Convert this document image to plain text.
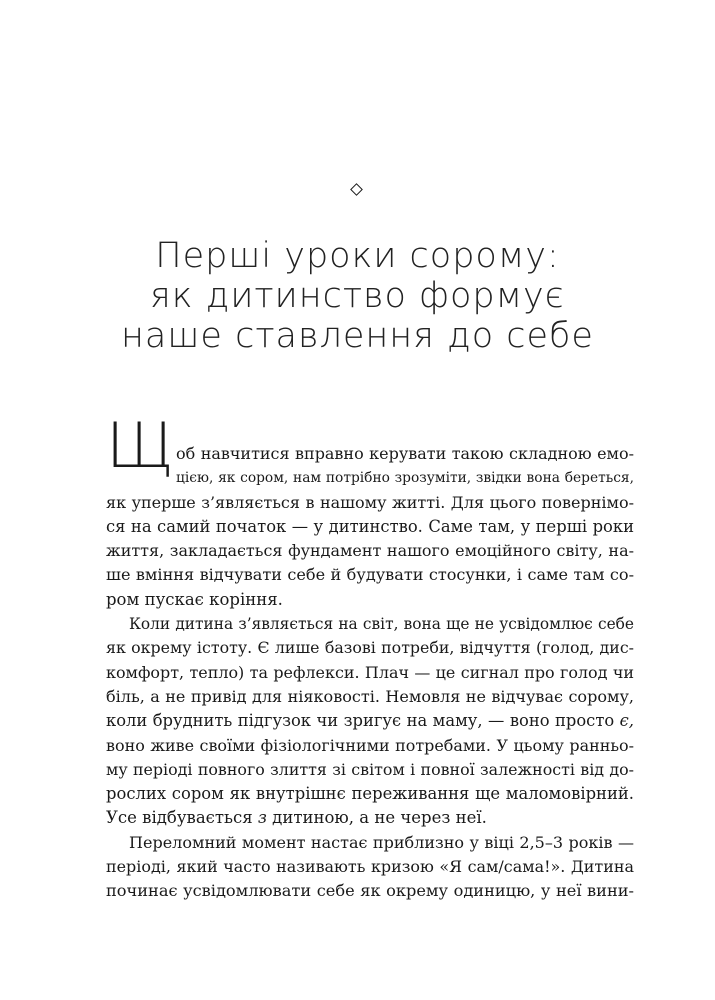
Перші уроки сорому:
як дитинство формує
наше ставлення до себе
Щ об навчитися вправно керувати такою складною емо-
цією, як сором, нам потрібно зрозуміти, звідки вона береться,
як уперше з’являється в нашому житті. Для цього повернімо-
ся на самий початок — у дитинство. Саме там, у перші роки
життя, закладається фундамент нашого емоційного світу, на-
ше вміння відчувати себе й будувати стосунки, і саме там со-
ром пускає коріння.
Коли дитина з’являється на світ, вона ще не усвідомлює себе
як окрему істоту. Є лише базові потреби, відчуття (голод, дис-
комфорт, тепло) та рефлекси. Плач — це сигнал про голод чи
біль, а не привід для ніяковості. Немовля не відчуває сорому,
коли бруднить підгузок чи зригує на маму, — воно просто є,
воно живе своїми фізіологічними потребами. У цьому ранньо-
му періоді повного злиття зі світом і повної залежності від до-
рослих сором як внутрішнє переживання ще маломовірний.
Усе відбувається з дитиною, а не через неї.
Переломний момент настає приблизно у віці 2,5–3 років —
періоді, який часто називають кризою «Я сам/сама!». Дитина
починає усвідомлювати себе як окрему одиницю, у неї вини-
